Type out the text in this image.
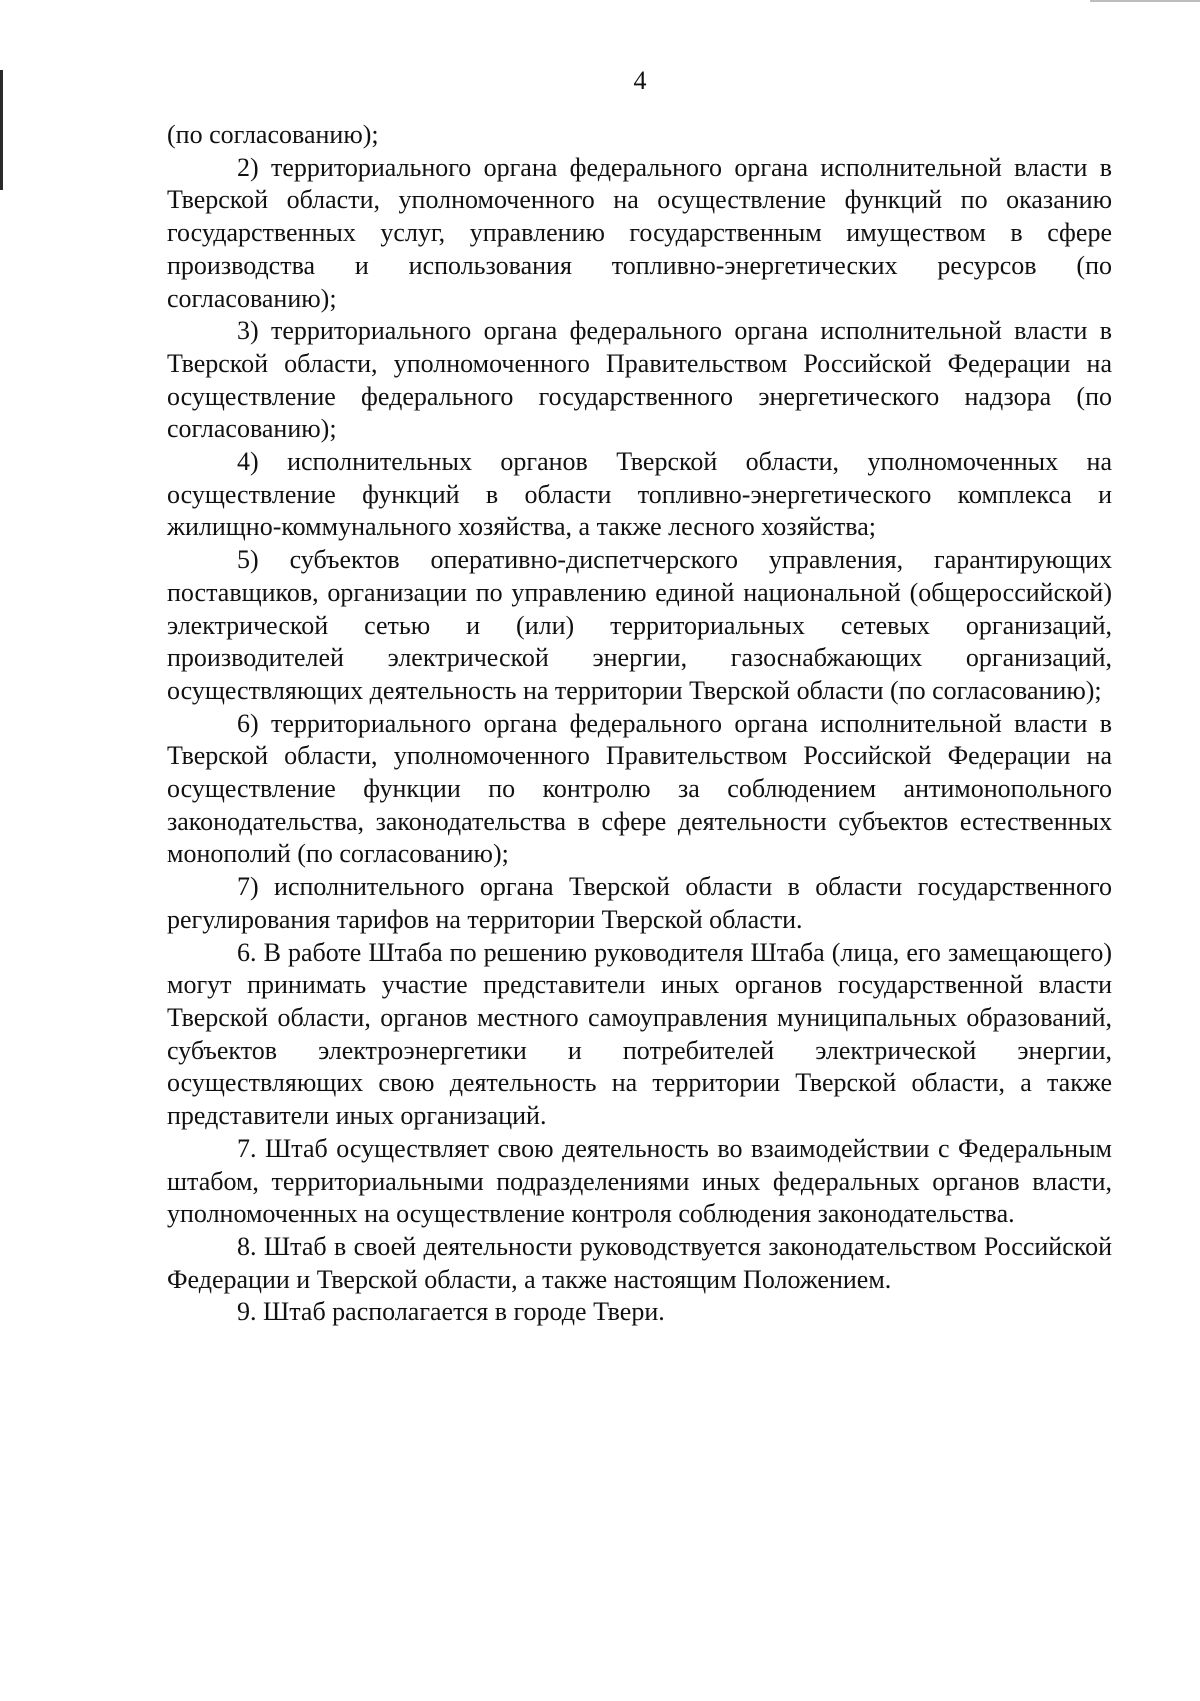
4

(по согласованию);

2) территориального органа федерального органа исполнительной власти в Тверской области, уполномоченного на осуществление функций по оказанию государственных услуг, управлению государственным имуществом в сфере производства и использования топливно-энергетических ресурсов (по согласованию);

3) территориального органа федерального органа исполнительной власти в Тверской области, уполномоченного Правительством Российской Федерации на осуществление федерального государственного энергетического надзора (по согласованию);

4) исполнительных органов Тверской области, уполномоченных на осуществление функций в области топливно-энергетического комплекса и жилищно-коммунального хозяйства, а также лесного хозяйства;

5) субъектов оперативно-диспетчерского управления, гарантирующих поставщиков, организации по управлению единой национальной (общероссийской) электрической сетью и (или) территориальных сетевых организаций, производителей электрической энергии, газоснабжающих организаций, осуществляющих деятельность на территории Тверской области (по согласованию);

6) территориального органа федерального органа исполнительной власти в Тверской области, уполномоченного Правительством Российской Федерации на осуществление функции по контролю за соблюдением антимонопольного законодательства, законодательства в сфере деятельности субъектов естественных монополий (по согласованию);

7) исполнительного органа Тверской области в области государственного регулирования тарифов на территории Тверской области.

6. В работе Штаба по решению руководителя Штаба (лица, его замещающего) могут принимать участие представители иных органов государственной власти Тверской области, органов местного самоуправления муниципальных образований, субъектов электроэнергетики и потребителей электрической энергии, осуществляющих свою деятельность на территории Тверской области, а также представители иных организаций.

7. Штаб осуществляет свою деятельность во взаимодействии с Федеральным штабом, территориальными подразделениями иных федеральных органов власти, уполномоченных на осуществление контроля соблюдения законодательства.

8. Штаб в своей деятельности руководствуется законодательством Российской Федерации и Тверской области, а также настоящим Положением.

9. Штаб располагается в городе Твери.
